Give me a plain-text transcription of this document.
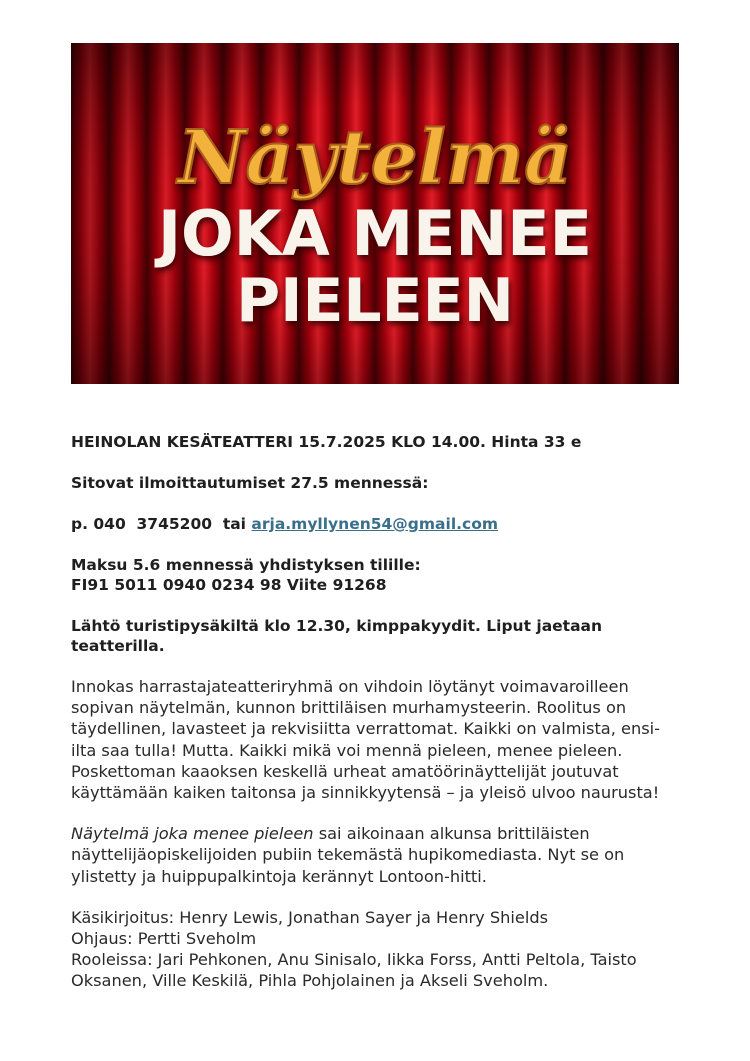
Näytelmä
JOKA MENEE
PIELEEN
HEINOLAN KESÄTEATTERI 15.7.2025 KLO 14.00. Hinta 33 e
Sitovat ilmoittautumiset 27.5 mennessä:
p. 040  3745200  tai arja.myllynen54@gmail.com
Maksu 5.6 mennessä yhdistyksen tilille:
FI91 5011 0940 0234 98 Viite 91268
Lähtö turistipysäkiltä klo 12.30, kimppakyydit. Liput jaetaan teatterilla.
Innokas harrastajateatteriryhmä on vihdoin löytänyt voimavaroilleen sopivan näytelmän, kunnon brittiläisen murhamysteerin. Roolitus on täydellinen, lavasteet ja rekvisiitta verrattomat. Kaikki on valmista, ensi-ilta saa tulla! Mutta. Kaikki mikä voi mennä pieleen, menee pieleen. Poskettoman kaaoksen keskellä urheat amatöörinäyttelijät joutuvat käyttämään kaiken taitonsa ja sinnikkyytensä – ja yleisö ulvoo naurusta!
Näytelmä joka menee pieleen sai aikoinaan alkunsa brittiläisten näyttelijäopiskelijoiden pubiin tekemästä hupikomediasta. Nyt se on ylistetty ja huippupalkintoja kerännyt Lontoon-hitti.
Käsikirjoitus: Henry Lewis, Jonathan Sayer ja Henry Shields
Ohjaus: Pertti Sveholm
Rooleissa: Jari Pehkonen, Anu Sinisalo, Iikka Forss, Antti Peltola, Taisto Oksanen, Ville Keskilä, Pihla Pohjolainen ja Akseli Sveholm.
